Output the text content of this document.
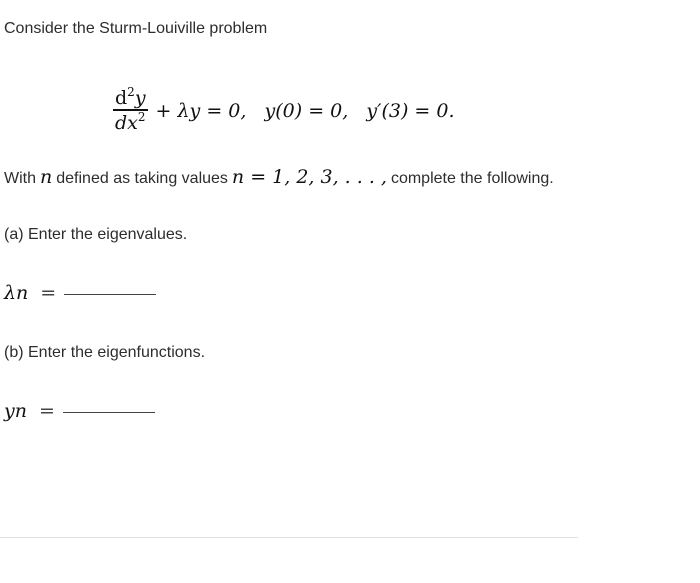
Consider the Sturm-Louiville problem
$\frac{d^2y}{dx^2} + \lambda y = 0$,   y(0) = 0,   y′(3) = 0.
With n defined as taking values n = 1, 2, 3, . . . , complete the following.
(a) Enter the eigenvalues.
λn =
(b) Enter the eigenfunctions.
yn =
